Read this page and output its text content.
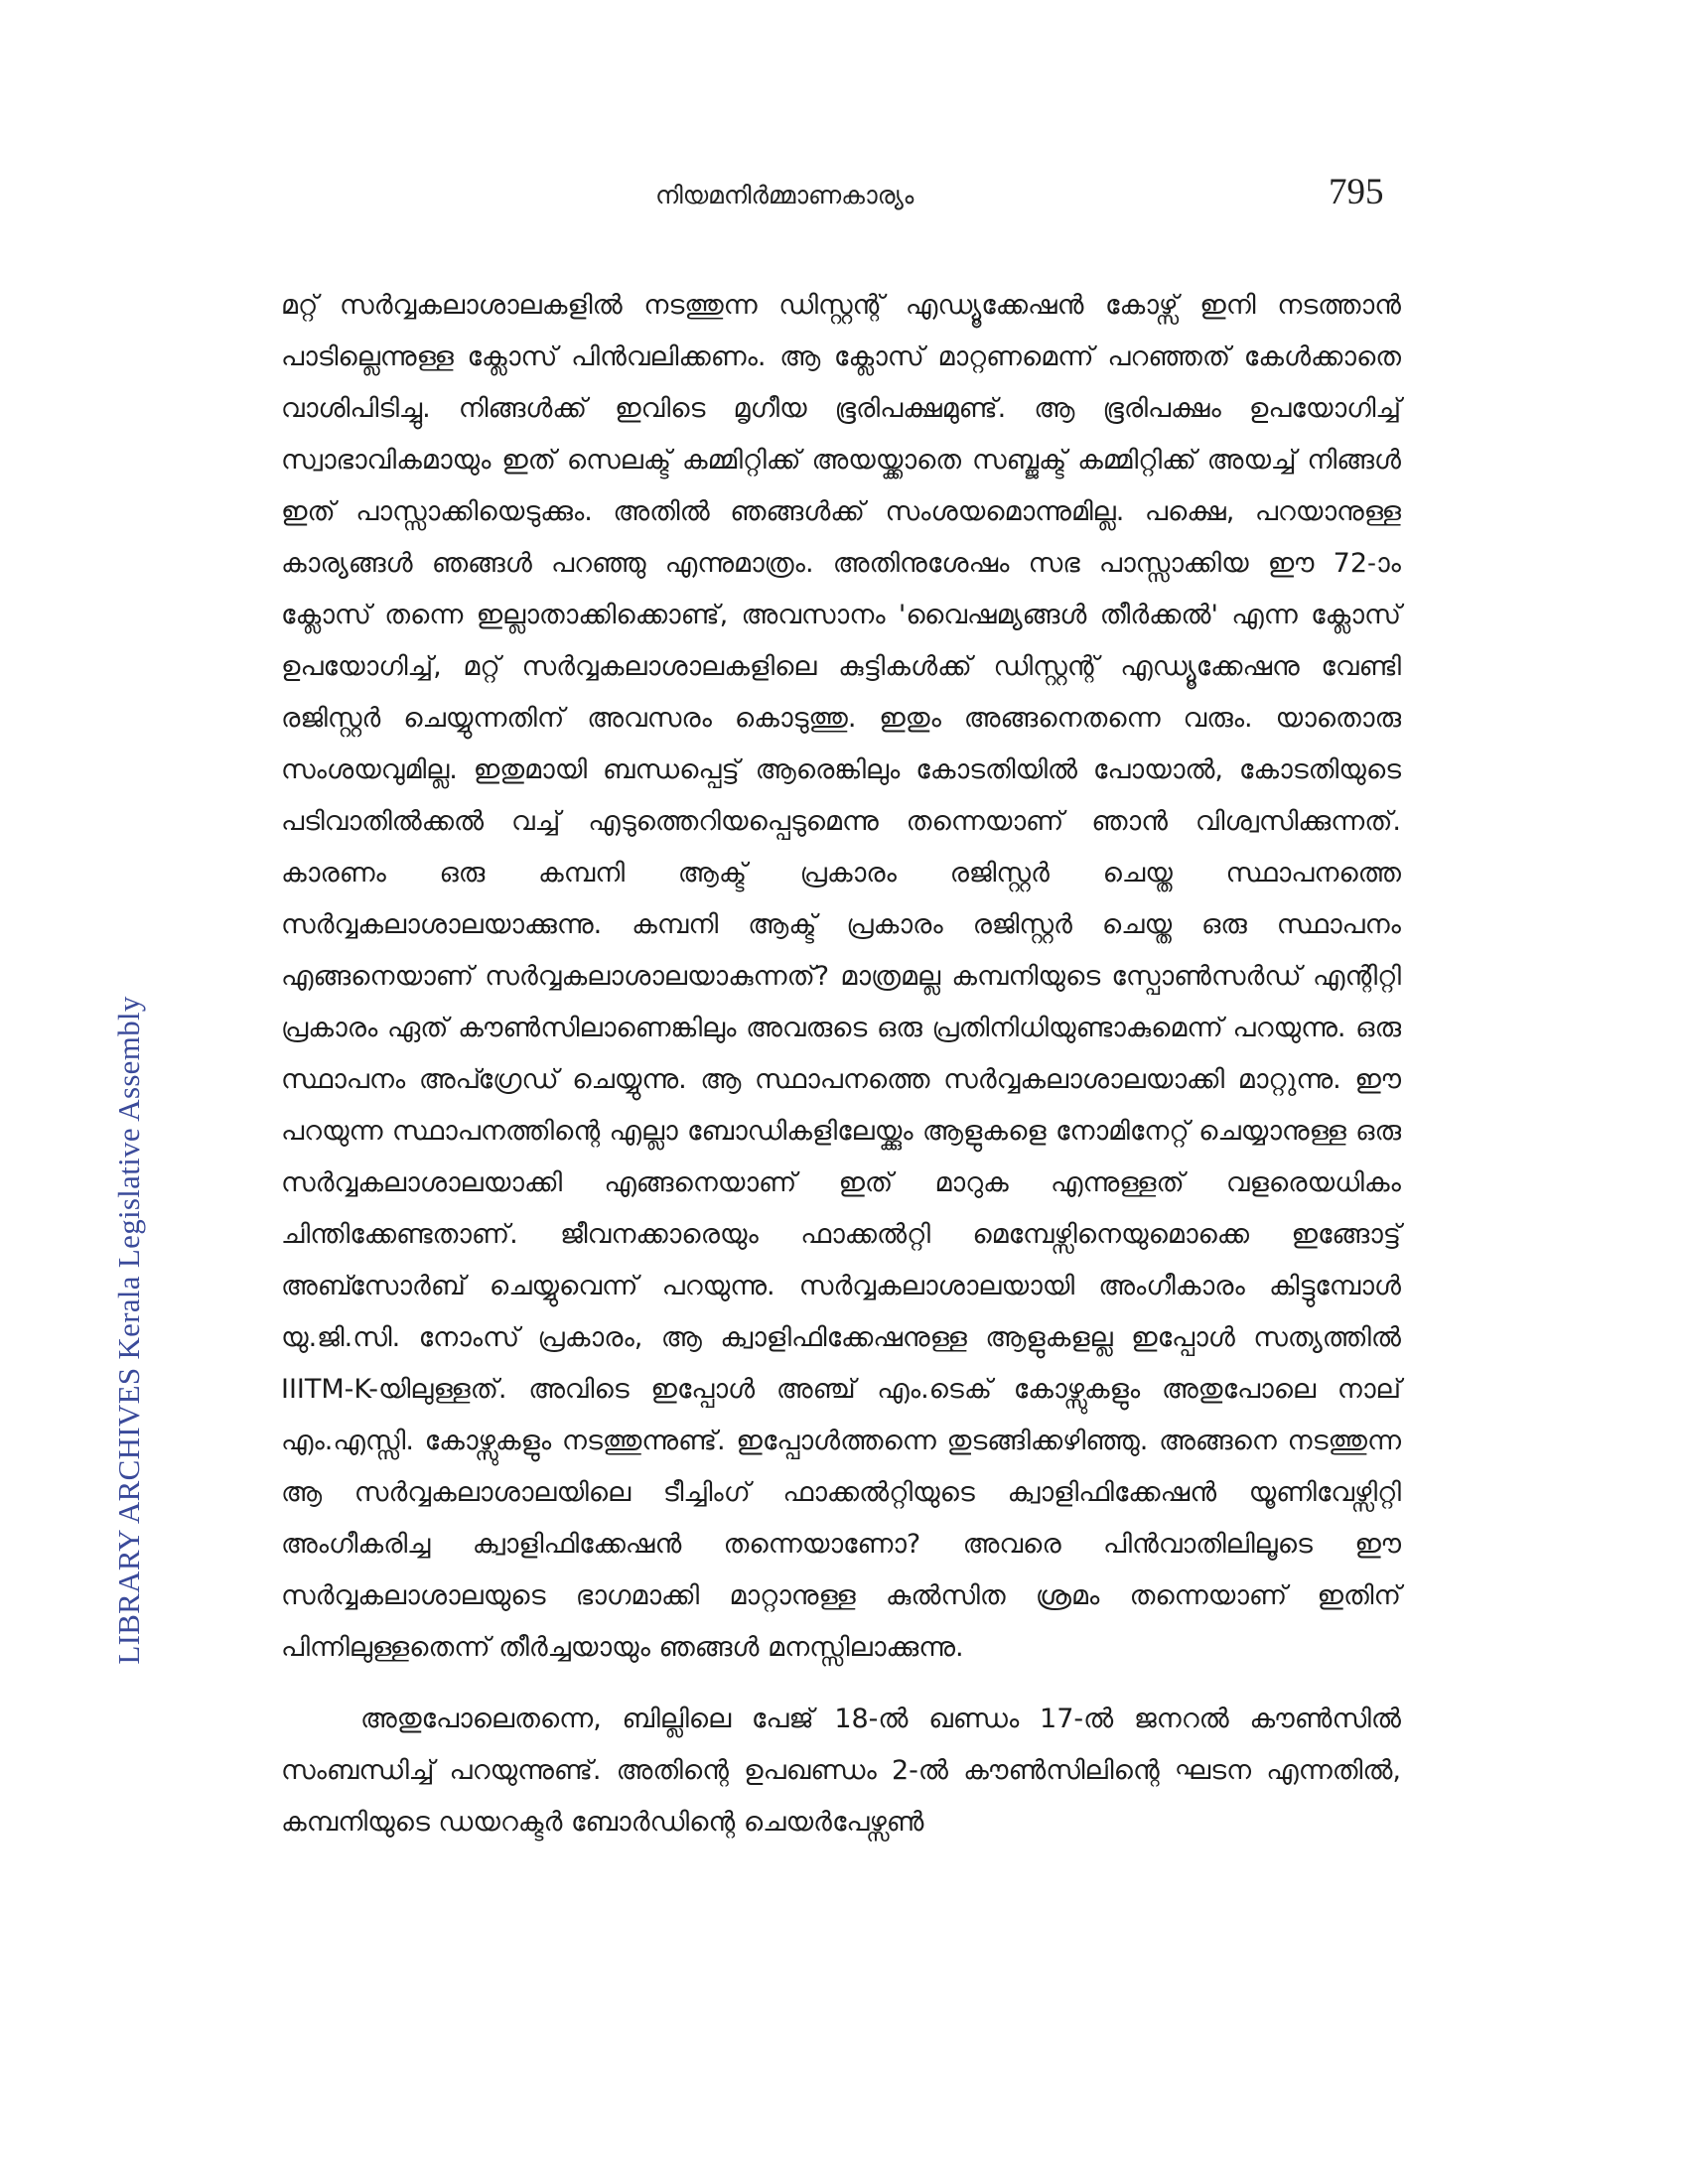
നിയമനിർമ്മാണകാര്യം	795
LIBRARY ARCHIVES Kerala Legislative Assembly

മറ്റ് സർവ്വകലാശാലകളിൽ നടത്തുന്ന ഡിസ്റ്റന്റ് എഡ്യൂക്കേഷൻ കോഴ്സ് ഇനി നടത്താൻ പാടില്ലെന്നുള്ള ക്ലോസ് പിൻവലിക്കണം. ആ ക്ലോസ് മാറ്റണമെന്ന് പറഞ്ഞത് കേൾക്കാതെ വാശിപിടിച്ചു. നിങ്ങൾക്ക് ഇവിടെ മൃഗീയ ഭൂരിപക്ഷമുണ്ട്. ആ ഭൂരിപക്ഷം ഉപയോഗിച്ച് സ്വാഭാവികമായും ഇത് സെലക്ട് കമ്മിറ്റിക്ക് അയയ്ക്കാതെ സബ്ജക്ട് കമ്മിറ്റിക്ക് അയച്ച് നിങ്ങൾ ഇത് പാസ്സാക്കിയെടുക്കും. അതിൽ ഞങ്ങൾക്ക് സംശയമൊന്നുമില്ല. പക്ഷെ, പറയാനുള്ള കാര്യങ്ങൾ ഞങ്ങൾ പറഞ്ഞു എന്നുമാത്രം. അതിനുശേഷം സഭ പാസ്സാക്കിയ ഈ 72-ാം ക്ലോസ് തന്നെ ഇല്ലാതാക്കിക്കൊണ്ട്, അവസാനം 'വൈഷമ്യങ്ങൾ തീർക്കൽ' എന്ന ക്ലോസ് ഉപയോഗിച്ച്, മറ്റ് സർവ്വകലാശാലകളിലെ കുട്ടികൾക്ക് ഡിസ്റ്റന്റ് എഡ്യൂക്കേഷനു വേണ്ടി രജിസ്റ്റർ ചെയ്യുന്നതിന് അവസരം കൊടുത്തു. ഇതും അങ്ങനെതന്നെ വരും. യാതൊരു സംശയവുമില്ല. ഇതുമായി ബന്ധപ്പെട്ട് ആരെങ്കിലും കോടതിയിൽ പോയാൽ, കോടതിയുടെ പടിവാതിൽക്കൽ വച്ച് എടുത്തെറിയപ്പെടുമെന്നു തന്നെയാണ് ഞാൻ വിശ്വസിക്കുന്നത്. കാരണം ഒരു കമ്പനി ആക്ട് പ്രകാരം രജിസ്റ്റർ ചെയ്ത സ്ഥാപനത്തെ സർവ്വകലാശാലയാക്കുന്നു. കമ്പനി ആക്ട് പ്രകാരം രജിസ്റ്റർ ചെയ്ത ഒരു സ്ഥാപനം എങ്ങനെയാണ് സർവ്വകലാശാലയാകുന്നത്? മാത്രമല്ല കമ്പനിയുടെ സ്പോൺസർഡ് എന്റിറ്റി പ്രകാരം ഏത് കൗൺസിലാണെങ്കിലും അവരുടെ ഒരു പ്രതിനിധിയുണ്ടാകുമെന്ന് പറയുന്നു. ഒരു സ്ഥാപനം അപ്ഗ്രേഡ് ചെയ്യുന്നു. ആ സ്ഥാപനത്തെ സർവ്വകലാശാലയാക്കി മാറ്റുന്നു. ഈ പറയുന്ന സ്ഥാപനത്തിന്റെ എല്ലാ ബോഡികളിലേയ്ക്കും ആളുകളെ നോമിനേറ്റ് ചെയ്യാനുള്ള ഒരു സർവ്വകലാശാലയാക്കി എങ്ങനെയാണ് ഇത് മാറുക എന്നുള്ളത് വളരെയധികം ചിന്തിക്കേണ്ടതാണ്. ജീവനക്കാരെയും ഫാക്കൽറ്റി മെമ്പേഴ്സിനെയുമൊക്കെ ഇങ്ങോട്ട് അബ്സോർബ് ചെയ്യുവെന്ന് പറയുന്നു. സർവ്വകലാശാലയായി അംഗീകാരം കിട്ടുമ്പോൾ യു.ജി.സി. നോംസ് പ്രകാരം, ആ ക്വാളിഫിക്കേഷനുള്ള ആളുകളല്ല ഇപ്പോൾ സത്യത്തിൽ IIITM-K-യിലുള്ളത്. അവിടെ ഇപ്പോൾ അഞ്ച് എം.ടെക് കോഴ്സുകളും അതുപോലെ നാല് എം.എസ്സി. കോഴ്സുകളും നടത്തുന്നുണ്ട്. ഇപ്പോൾത്തന്നെ തുടങ്ങിക്കഴിഞ്ഞു. അങ്ങനെ നടത്തുന്ന ആ സർവ്വകലാശാലയിലെ ടീച്ചിംഗ് ഫാക്കൽറ്റിയുടെ ക്വാളിഫിക്കേഷൻ യൂണിവേഴ്സിറ്റി അംഗീകരിച്ച ക്വാളിഫിക്കേഷൻ തന്നെയാണോ? അവരെ പിൻവാതിലിലൂടെ ഈ സർവ്വകലാശാലയുടെ ഭാഗമാക്കി മാറ്റാനുള്ള കുൽസിത ശ്രമം തന്നെയാണ് ഇതിന് പിന്നിലുള്ളതെന്ന് തീർച്ചയായും ഞങ്ങൾ മനസ്സിലാക്കുന്നു.

അതുപോലെതന്നെ, ബില്ലിലെ പേജ് 18-ൽ ഖണ്ഡം 17-ൽ ജനറൽ കൗൺസിൽ സംബന്ധിച്ച് പറയുന്നുണ്ട്. അതിന്റെ ഉപഖണ്ഡം 2-ൽ കൗൺസിലിന്റെ ഘടന എന്നതിൽ, കമ്പനിയുടെ ഡയറക്ടർ ബോർഡിന്റെ ചെയർപേഴ്സൺ
